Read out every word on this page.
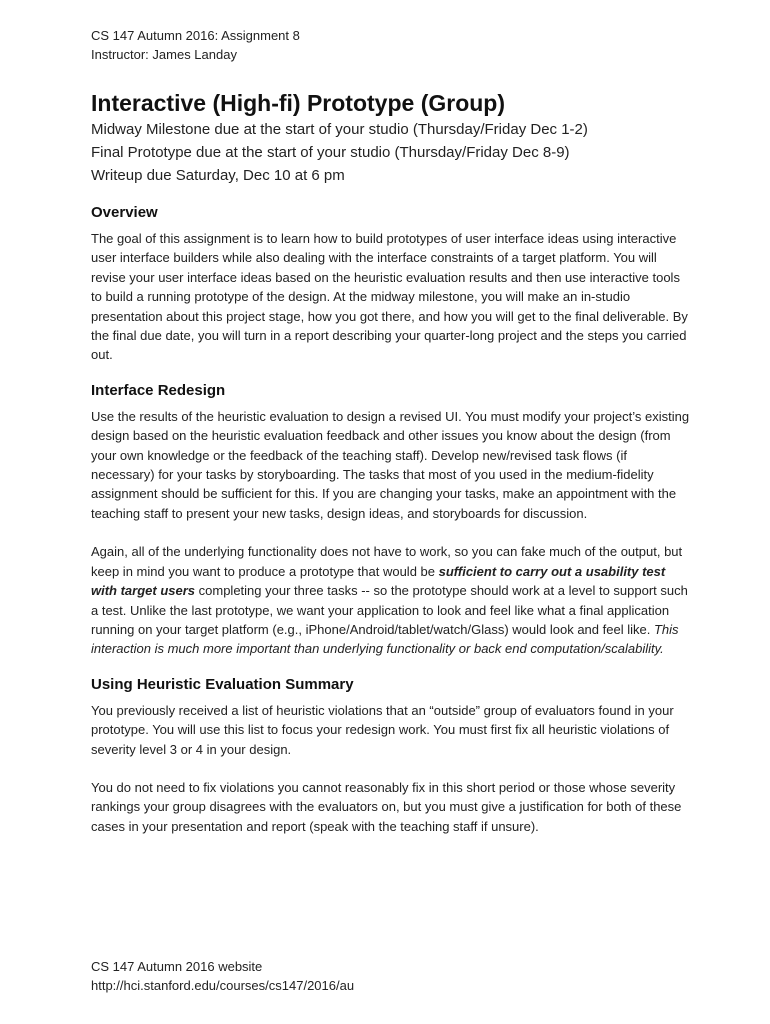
CS 147 Autumn 2016: Assignment 8
Instructor: James Landay
Interactive (High-fi) Prototype (Group)
Midway Milestone due at the start of your studio (Thursday/Friday Dec 1-2)
Final Prototype due at the start of your studio (Thursday/Friday Dec 8-9)
Writeup due Saturday, Dec 10 at 6 pm
Overview

The goal of this assignment is to learn how to build prototypes of user interface ideas using interactive user interface builders while also dealing with the interface constraints of a target platform. You will revise your user interface ideas based on the heuristic evaluation results and then use interactive tools to build a running prototype of the design. At the midway milestone, you will make an in-studio presentation about this project stage, how you got there, and how you will get to the final deliverable. By the final due date, you will turn in a report describing your quarter-long project and the steps you carried out.

Interface Redesign

Use the results of the heuristic evaluation to design a revised UI. You must modify your project’s existing design based on the heuristic evaluation feedback and other issues you know about the design (from your own knowledge or the feedback of the teaching staff). Develop new/revised task flows (if necessary) for your tasks by storyboarding. The tasks that most of you used in the medium-fidelity assignment should be sufficient for this. If you are changing your tasks, make an appointment with the teaching staff to present your new tasks, design ideas, and storyboards for discussion.

Again, all of the underlying functionality does not have to work, so you can fake much of the output, but keep in mind you want to produce a prototype that would be sufficient to carry out a usability test with target users completing your three tasks -- so the prototype should work at a level to support such a test. Unlike the last prototype, we want your application to look and feel like what a final application running on your target platform (e.g., iPhone/Android/tablet/watch/Glass) would look and feel like. This interaction is much more important than underlying functionality or back end computation/scalability.

Using Heuristic Evaluation Summary

You previously received a list of heuristic violations that an “outside” group of evaluators found in your prototype. You will use this list to focus your redesign work. You must first fix all heuristic violations of severity level 3 or 4 in your design.

You do not need to fix violations you cannot reasonably fix in this short period or those whose severity rankings your group disagrees with the evaluators on, but you must give a justification for both of these cases in your presentation and report (speak with the teaching staff if unsure).

CS 147 Autumn 2016 website
http://hci.stanford.edu/courses/cs147/2016/au
